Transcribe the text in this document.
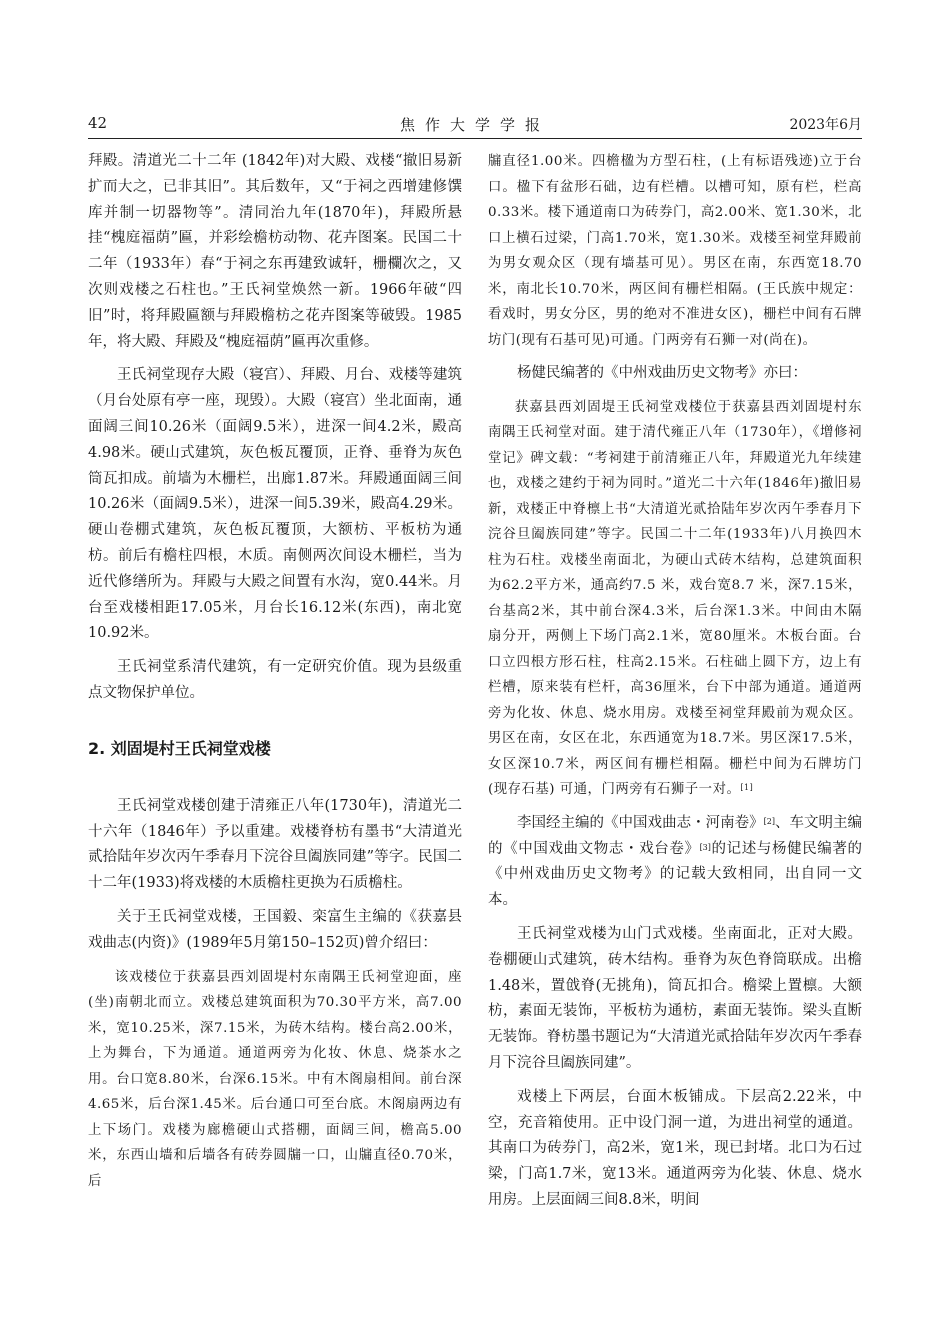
42	焦作大学学报	2023年6月

拜殿。清道光二十二年 (1842年)对大殿、戏楼“撤旧易新扩而大之，已非其旧”。其后数年，又“于祠之西增建修馔库并制一切器物等”。清同治九年(1870年)，拜殿所悬挂“槐庭福荫”匾，并彩绘檐枋动物、花卉图案。民国二十二年（1933年）春“于祠之东再建致诚轩，栅欄次之，又次则戏楼之石柱也。”王氏祠堂焕然一新。1966年破“四旧”时，将拜殿匾额与拜殿檐枋之花卉图案等破毁。1985年，将大殿、拜殿及“槐庭福荫”匾再次重修。

王氏祠堂现存大殿（寝宫）、拜殿、月台、戏楼等建筑（月台处原有亭一座，现毁）。大殿（寝宫）坐北面南，通面阔三间10.26米（面阔9.5米），进深一间4.2米，殿高4.98米。硬山式建筑，灰色板瓦覆顶，正脊、垂脊为灰色筒瓦扣成。前墙为木栅栏，出廊1.87米。拜殿通面阔三间10.26米（面阔9.5米），进深一间5.39米，殿高4.29米。硬山卷棚式建筑，灰色板瓦覆顶，大额枋、平板枋为通枋。前后有檐柱四根，木质。南侧两次间设木栅栏，当为近代修缮所为。拜殿与大殿之间置有水沟，宽0.44米。月台至戏楼相距17.05米，月台长16.12米(东西)，南北宽10.92米。

王氏祠堂系清代建筑，有一定研究价值。现为县级重点文物保护单位。

2. 刘固堤村王氏祠堂戏楼

王氏祠堂戏楼创建于清雍正八年(1730年)，清道光二十六年（1846年）予以重建。戏楼脊枋有墨书“大清道光贰拾陆年岁次丙午季春月下浣谷旦阖族同建”等字。民国二十二年(1933)将戏楼的木质檐柱更换为石质檐柱。

关于王氏祠堂戏楼，王国毅、栾富生主编的《获嘉县戏曲志(内资)》(1989年5月第150–152页)曾介绍曰：

该戏楼位于获嘉县西刘固堤村东南隅王氏祠堂迎面，座(坐)南朝北而立。戏楼总建筑面积为70.30平方米，高7.00米，宽10.25米，深7.15米，为砖木结构。楼台高2.00米，上为舞台，下为通道。通道两旁为化妆、休息、烧茶水之用。台口宽8.80米，台深6.15米。中有木阁扇相间。前台深4.65米，后台深1.45米。后台通口可至台底。木阁扇两边有上下场门。戏楼为廊檐硬山式搭棚，面阔三间，檐高5.00米，东西山墙和后墙各有砖券圆牖一口，山牖直径0.70米，后

牖直径1.00米。四檐楹为方型石柱，(上有标语残迹)立于台口。楹下有盆形石础，边有栏槽。以槽可知，原有栏，栏高0.33米。楼下通道南口为砖券门，高2.00米、宽1.30米，北口上横石过梁，门高1.70米，宽1.30米。戏楼至祠堂拜殿前为男女观众区（现有墙基可见）。男区在南，东西宽18.70米，南北长10.70米，两区间有栅栏相隔。(王氏族中规定：看戏时，男女分区，男的绝对不准进女区)，栅栏中间有石牌坊门(现有石基可见)可通。门两旁有石狮一对(尚在)。

杨健民编著的《中州戏曲历史文物考》亦曰：

获嘉县西刘固堤王氏祠堂戏楼位于获嘉县西刘固堤村东南隅王氏祠堂对面。建于清代雍正八年（1730年），《增修祠堂记》碑文载：“考祠建于前清雍正八年，拜殿道光九年续建也，戏楼之建约于祠为同时。”道光二十六年(1846年)撤旧易新，戏楼正中脊檩上书“大清道光贰拾陆年岁次丙午季春月下浣谷旦阖族同建”等字。民国二十二年(1933年)八月换四木柱为石柱。戏楼坐南面北，为硬山式砖木结构，总建筑面积为62.2平方米，通高约7.5 米，戏台宽8.7 米，深7.15米，台基高2米，其中前台深4.3米，后台深1.3米。中间由木隔扇分开，两侧上下场门高2.1米，宽80厘米。木板台面。台口立四根方形石柱，柱高2.15米。石柱础上圆下方，边上有栏槽，原来装有栏杆，高36厘米，台下中部为通道。通道两旁为化妆、休息、烧水用房。戏楼至祠堂拜殿前为观众区。男区在南，女区在北，东西通宽为18.7米。男区深17.5米，女区深10.7米，两区间有栅栏相隔。栅栏中间为石牌坊门 (现存石基) 可通，门两旁有石狮子一对。[1]

李国经主编的《中国戏曲志・河南卷》[2]、车文明主编的《中国戏曲文物志・戏台卷》[3]的记述与杨健民编著的《中州戏曲历史文物考》的记载大致相同，出自同一文本。

王氏祠堂戏楼为山门式戏楼。坐南面北，正对大殿。卷棚硬山式建筑，砖木结构。垂脊为灰色脊筒联成。出檐1.48米，置戗脊(无挑角)，筒瓦扣合。檐梁上置檩。大额枋，素面无装饰，平板枋为通枋，素面无装饰。梁头直断无装饰。脊枋墨书题记为“大清道光贰拾陆年岁次丙午季春月下浣谷旦阖族同建”。

戏楼上下两层，台面木板铺成。下层高2.22米，中空，充音箱使用。正中设门洞一道，为进出祠堂的通道。其南口为砖券门，高2米，宽1米，现已封堵。北口为石过梁，门高1.7米，宽13米。通道两旁为化装、休息、烧水用房。上层面阔三间8.8米，明间
